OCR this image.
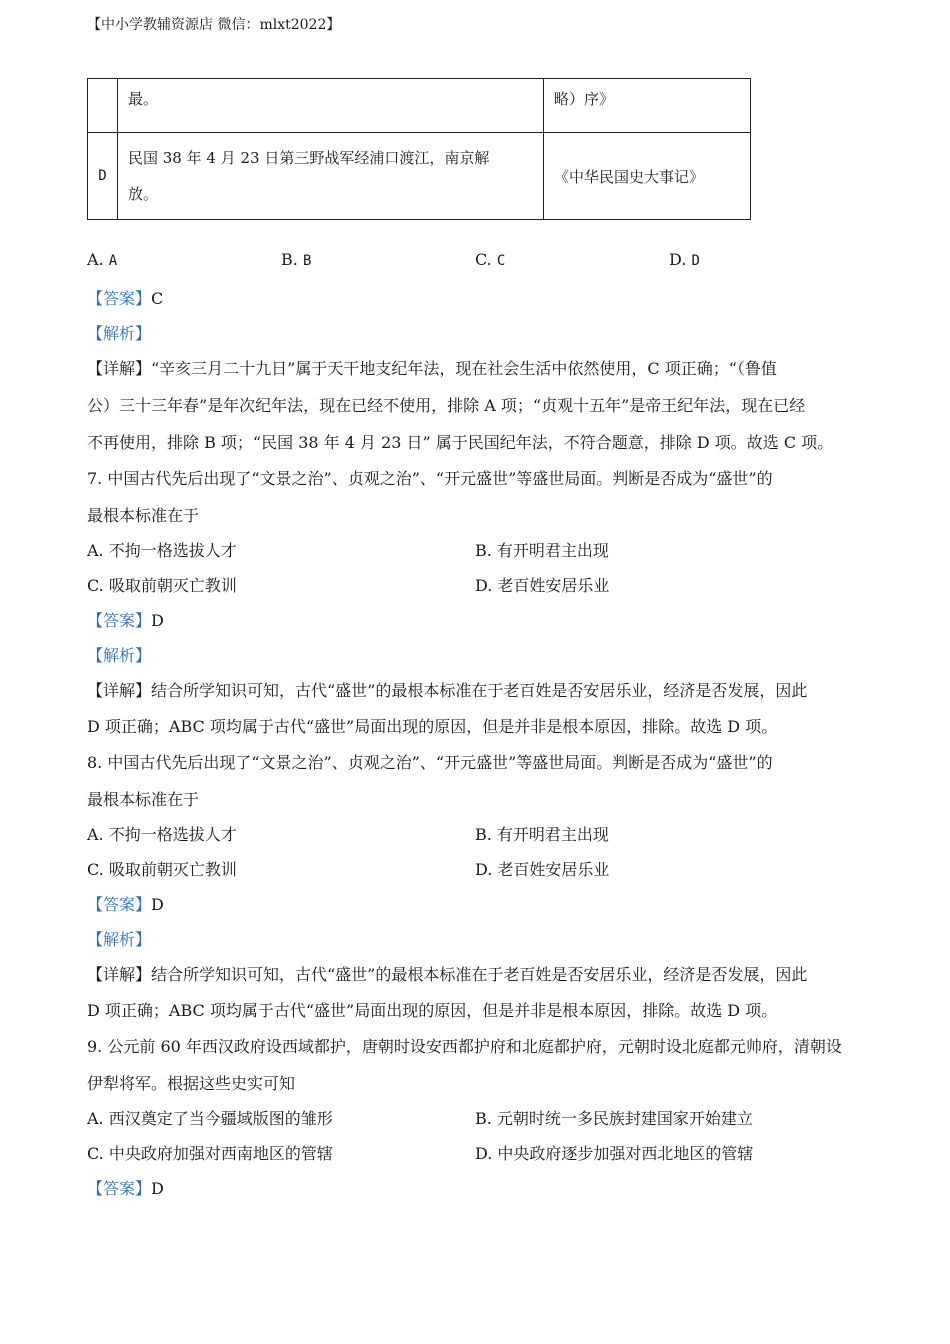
【中小学教辅资源店 微信：mlxt2022】
	最。	略）序》
D	民国 38 年 4 月 23 日第三野战军经浦口渡江，南京解
放。	《中华民国史大事记》
A. A	B. B	C. C	D. D
【答案】C
【解析】
【详解】“辛亥三月二十九日”属于天干地支纪年法，现在社会生活中依然使用，C 项正确；“（鲁值
公）三十三年春”是年次纪年法，现在已经不使用，排除 A 项；“贞观十五年”是帝王纪年法，现在已经
不再使用，排除 B 项；“民国 38 年 4 月 23 日” 属于民国纪年法，不符合题意，排除 D 项。故选 C 项。
7. 中国古代先后出现了“文景之治”、贞观之治”、“开元盛世”等盛世局面。判断是否成为“盛世”的
最根本标准在于
A. 不拘一格选拔人才	B. 有开明君主出现
C. 吸取前朝灭亡教训	D. 老百姓安居乐业
【答案】D
【解析】
【详解】结合所学知识可知，古代“盛世”的最根本标准在于老百姓是否安居乐业，经济是否发展，因此
D 项正确；ABC 项均属于古代“盛世”局面出现的原因，但是并非是根本原因，排除。故选 D 项。
8. 中国古代先后出现了“文景之治”、贞观之治”、“开元盛世”等盛世局面。判断是否成为“盛世”的
最根本标准在于
A. 不拘一格选拔人才	B. 有开明君主出现
C. 吸取前朝灭亡教训	D. 老百姓安居乐业
【答案】D
【解析】
【详解】结合所学知识可知，古代“盛世”的最根本标准在于老百姓是否安居乐业，经济是否发展，因此
D 项正确；ABC 项均属于古代“盛世”局面出现的原因，但是并非是根本原因，排除。故选 D 项。
9. 公元前 60 年西汉政府设西域都护，唐朝时设安西都护府和北庭都护府，元朝时设北庭都元帅府，清朝设
伊犁将军。根据这些史实可知
A. 西汉奠定了当今疆域版图的雏形	B. 元朝时统一多民族封建国家开始建立
C. 中央政府加强对西南地区的管辖	D. 中央政府逐步加强对西北地区的管辖
【答案】D
